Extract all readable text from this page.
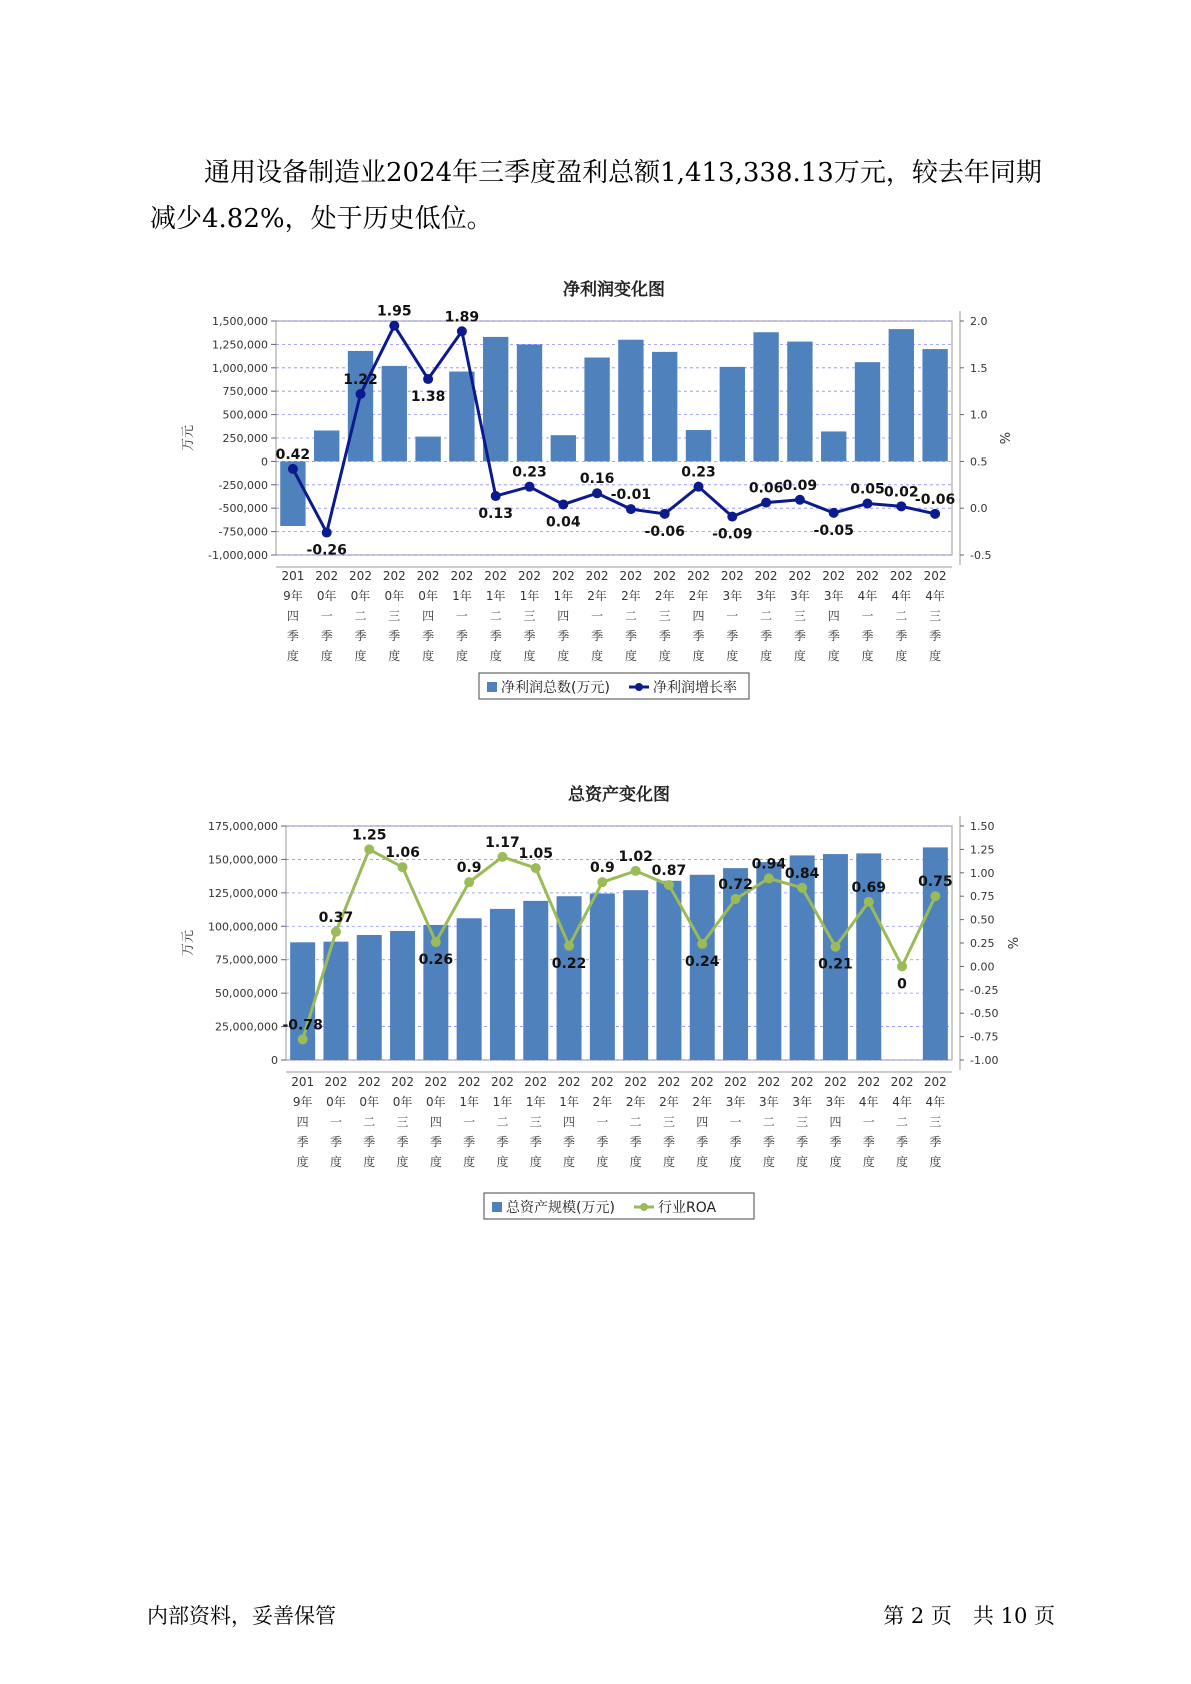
通用设备制造业2024年三季度盈利总额1,413,338.13万元，较去年同期减少4.82%，处于历史低位。

净利润变化图
1,500,000
1,250,000
1,000,000
750,000
500,000
250,000
0
-250,000
-500,000
-750,000
-1,000,000
2.0
1.5
1.0
0.5
0.0
-0.5
万元	%
0.42
-0.26
1.22
1.95
1.38
1.89
0.13
0.23
0.04
0.16
-0.01
-0.06
0.23
-0.09
0.06 0.09
-0.05
0.05 0.02
-0.06
201 9年四季度
202 0年一季度
202 0年二季度
202 0年三季度
202 0年四季度
202 1年一季度
202 1年二季度
202 1年三季度
202 1年四季度
202 2年一季度
202 2年二季度
202 2年三季度
202 2年四季度
202 3年一季度
202 3年二季度
202 3年三季度
202 3年四季度
202 4年一季度
202 4年二季度
202 4年三季度
净利润总数(万元)	净利润增长率
总资产变化图
175,000,000
150,000,000
125,000,000
100,000,000
75,000,000
50,000,000
25,000,000
0
1.50
1.25
1.00
0.75
0.50
0.25
0.00
-0.25
-0.50
-0.75
-1.00
万元	%
-0.78
0.37
1.25
1.06
0.26
0.9
1.17
1.05
0.22
0.9
1.02
0.87
0.24
0.72
0.94
0.84
0.21
0.69
0
0.75
201 9年四季度
202 0年一季度
202 0年二季度
202 0年三季度
202 0年四季度
202 1年一季度
202 1年二季度
202 1年三季度
202 1年四季度
202 2年一季度
202 2年二季度
202 2年三季度
202 2年四季度
202 3年一季度
202 3年二季度
202 3年三季度
202 3年四季度
202 4年一季度
202 4年二季度
202 4年三季度
总资产规模(万元)	行业ROA
内部资料，妥善保管	第 2 页　共 10 页
